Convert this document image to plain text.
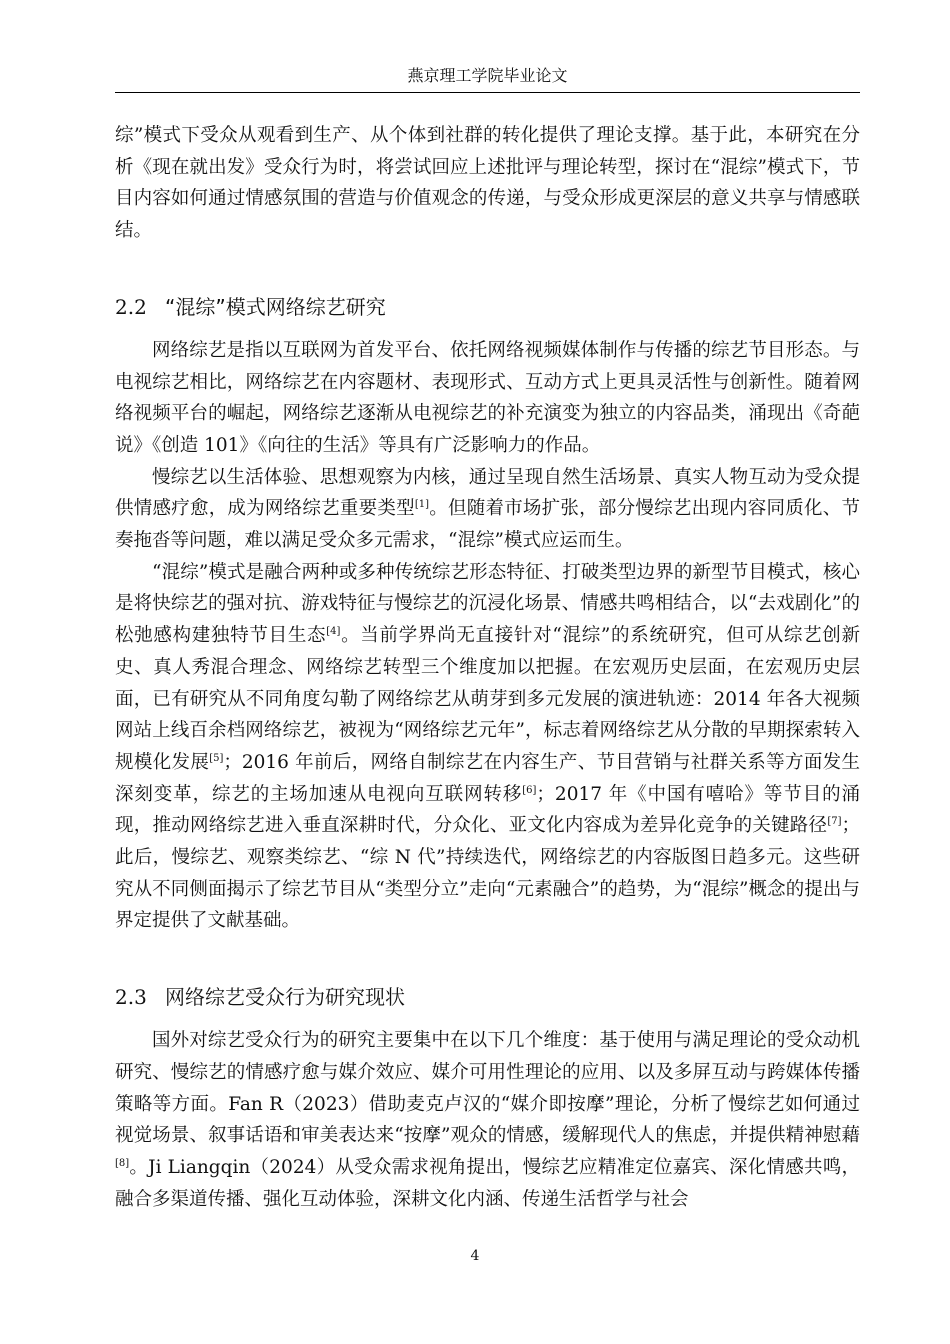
燕京理工学院毕业论文

综”模式下受众从观看到生产、从个体到社群的转化提供了理论支撑。基于此，本研究在分析《现在就出发》受众行为时，将尝试回应上述批评与理论转型，探讨在“混综”模式下，节目内容如何通过情感氛围的营造与价值观念的传递，与受众形成更深层的意义共享与情感联结。

2.2 “混综”模式网络综艺研究

网络综艺是指以互联网为首发平台、依托网络视频媒体制作与传播的综艺节目形态。与电视综艺相比，网络综艺在内容题材、表现形式、互动方式上更具灵活性与创新性。随着网络视频平台的崛起，网络综艺逐渐从电视综艺的补充演变为独立的内容品类，涌现出《奇葩说》《创造 101》《向往的生活》等具有广泛影响力的作品。

慢综艺以生活体验、思想观察为内核，通过呈现自然生活场景、真实人物互动为受众提供情感疗愈，成为网络综艺重要类型[1]。但随着市场扩张，部分慢综艺出现内容同质化、节奏拖沓等问题，难以满足受众多元需求，“混综”模式应运而生。

“混综”模式是融合两种或多种传统综艺形态特征、打破类型边界的新型节目模式，核心是将快综艺的强对抗、游戏特征与慢综艺的沉浸化场景、情感共鸣相结合，以“去戏剧化”的松弛感构建独特节目生态[4]。当前学界尚无直接针对“混综”的系统研究，但可从综艺创新史、真人秀混合理念、网络综艺转型三个维度加以把握。在宏观历史层面，在宏观历史层面，已有研究从不同角度勾勒了网络综艺从萌芽到多元发展的演进轨迹：2014 年各大视频网站上线百余档网络综艺，被视为“网络综艺元年”，标志着网络综艺从分散的早期探索转入规模化发展[5]；2016 年前后，网络自制综艺在内容生产、节目营销与社群关系等方面发生深刻变革，综艺的主场加速从电视向互联网转移[6]；2017 年《中国有嘻哈》等节目的涌现，推动网络综艺进入垂直深耕时代，分众化、亚文化内容成为差异化竞争的关键路径[7]；此后，慢综艺、观察类综艺、“综 N 代”持续迭代，网络综艺的内容版图日趋多元。这些研究从不同侧面揭示了综艺节目从“类型分立”走向“元素融合”的趋势，为“混综”概念的提出与界定提供了文献基础。

2.3 网络综艺受众行为研究现状

国外对综艺受众行为的研究主要集中在以下几个维度：基于使用与满足理论的受众动机研究、慢综艺的情感疗愈与媒介效应、媒介可用性理论的应用、以及多屏互动与跨媒体传播策略等方面。Fan R（2023）借助麦克卢汉的“媒介即按摩”理论，分析了慢综艺如何通过视觉场景、叙事话语和审美表达来“按摩”观众的情感，缓解现代人的焦虑，并提供精神慰藉[8]。Ji Liangqin（2024）从受众需求视角提出，慢综艺应精准定位嘉宾、深化情感共鸣，融合多渠道传播、强化互动体验，深耕文化内涵、传递生活哲学与社会

4
